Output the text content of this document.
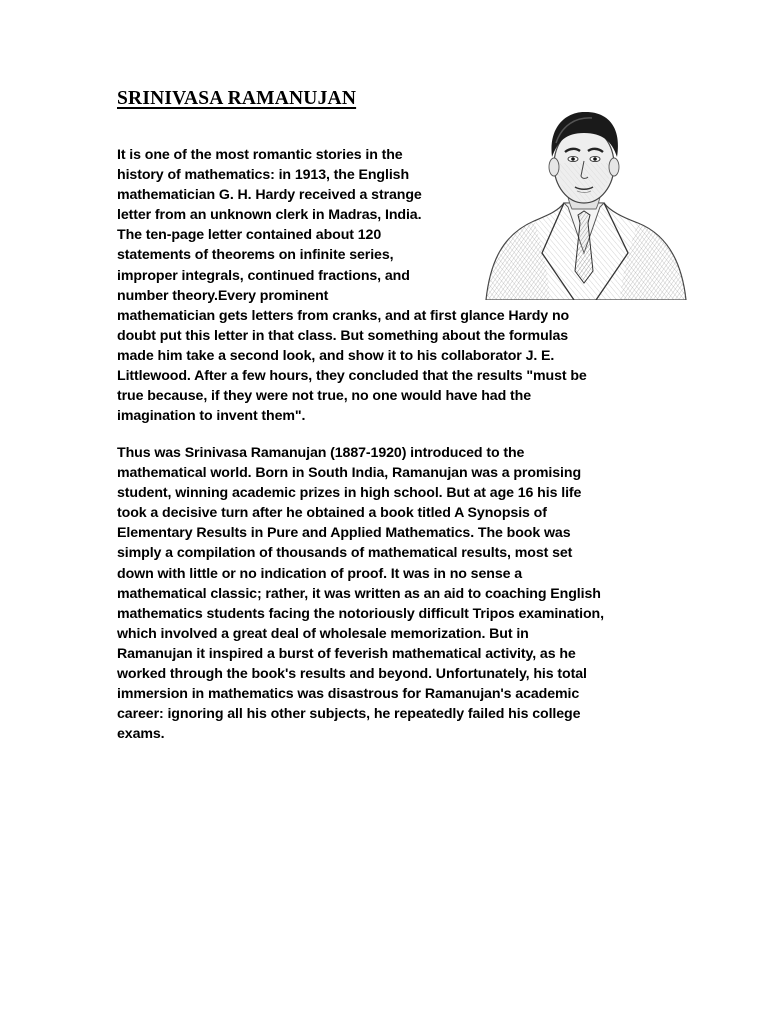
SRINIVASA RAMANUJAN

It is one of the most romantic stories in the
history of mathematics: in 1913, the English
mathematician G. H. Hardy received a strange
letter from an unknown clerk in Madras, India.
The ten-page letter contained about 120
statements of theorems on infinite series,
improper integrals, continued fractions, and
number theory.Every prominent
mathematician gets letters from cranks, and at first glance Hardy no
doubt put this letter in that class. But something about the formulas
made him take a second look, and show it to his collaborator J. E.
Littlewood. After a few hours, they concluded that the results "must be
true because, if they were not true, no one would have had the
imagination to invent them".

Thus was Srinivasa Ramanujan (1887-1920) introduced to the
mathematical world. Born in South India, Ramanujan was a promising
student, winning academic prizes in high school. But at age 16 his life
took a decisive turn after he obtained a book titled A Synopsis of
Elementary Results in Pure and Applied Mathematics. The book was
simply a compilation of thousands of mathematical results, most set
down with little or no indication of proof. It was in no sense a
mathematical classic; rather, it was written as an aid to coaching English
mathematics students facing the notoriously difficult Tripos examination,
which involved a great deal of wholesale memorization. But in
Ramanujan it inspired a burst of feverish mathematical activity, as he
worked through the book's results and beyond. Unfortunately, his total
immersion in mathematics was disastrous for Ramanujan's academic
career: ignoring all his other subjects, he repeatedly failed his college
exams.
